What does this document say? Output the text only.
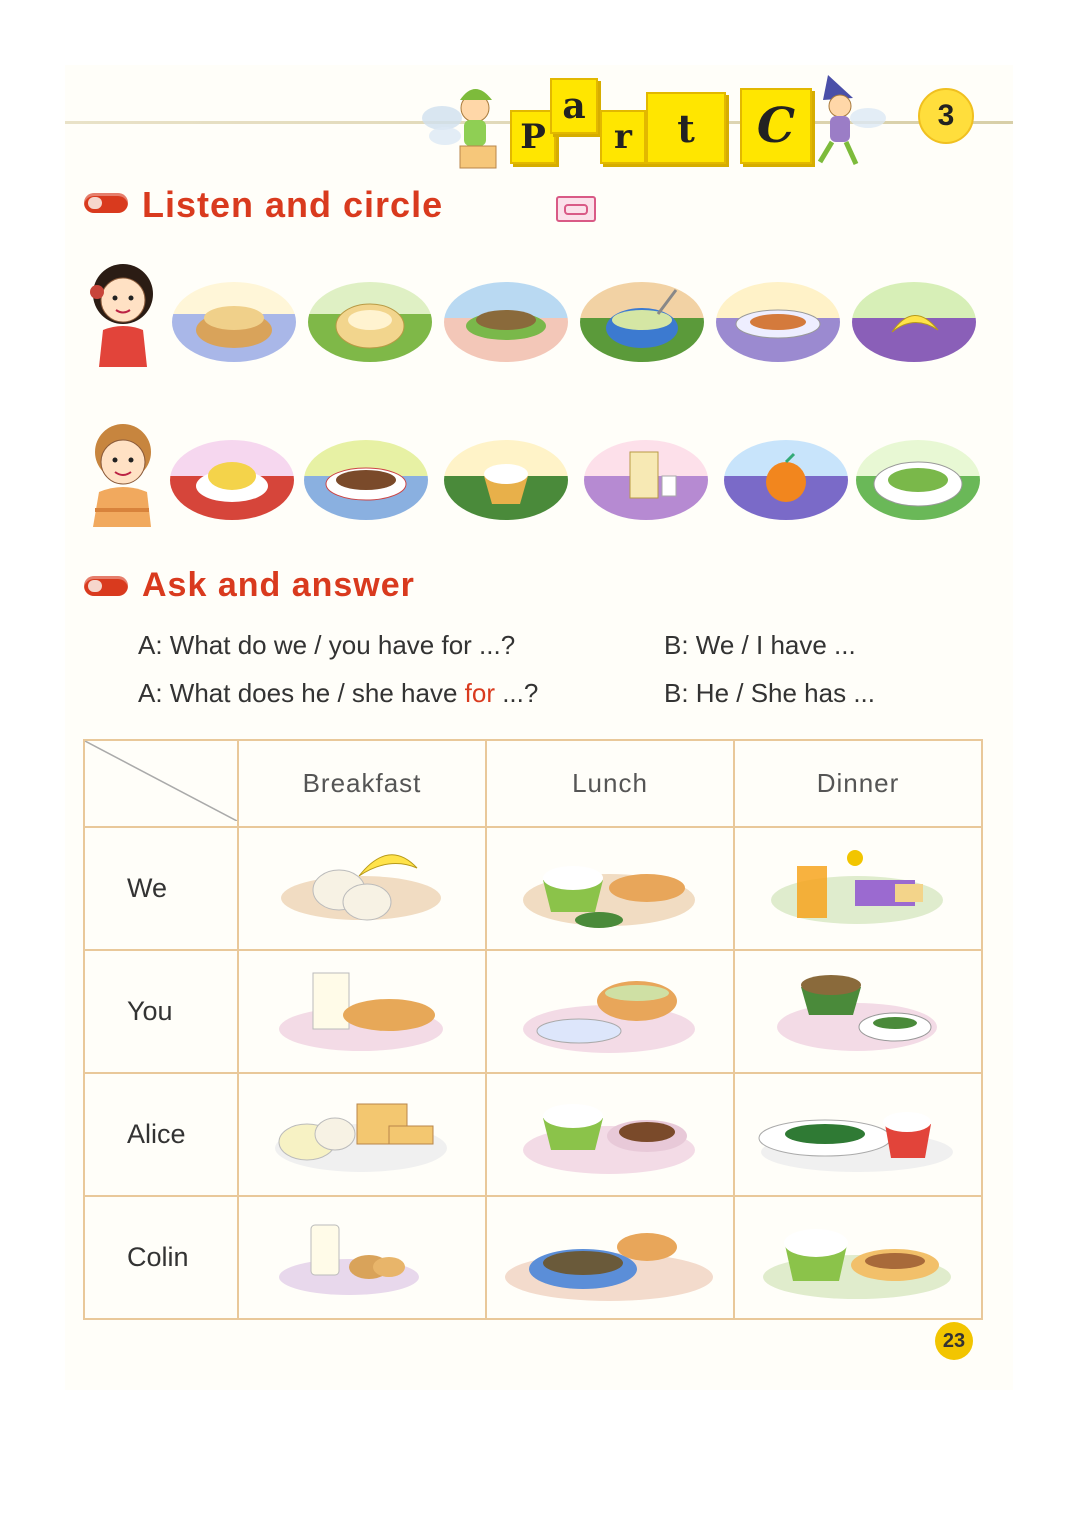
P
a
r t C	3
Listen and circle
Ask and answer
A: What do we / you have for ...?	B: We / I have ...
A: What does he / she have for ...?	B: He / She has ...
	Breakfast	Lunch	Dinner
We			
You			
Alice			
Colin			
23
